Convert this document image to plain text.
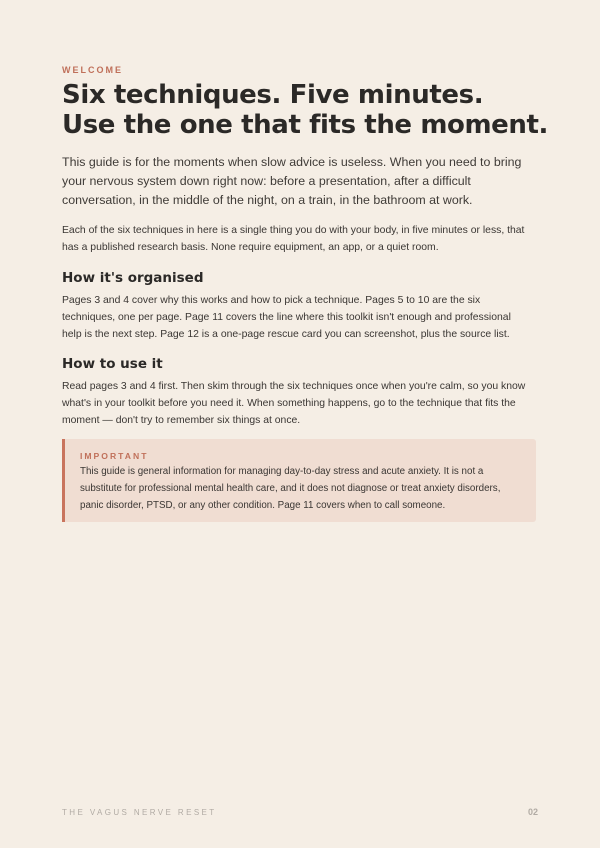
WELCOME
Six techniques. Five minutes.
Use the one that fits the moment.

This guide is for the moments when slow advice is useless. When you need to bring your nervous system down right now: before a presentation, after a difficult conversation, in the middle of the night, on a train, in the bathroom at work.

Each of the six techniques in here is a single thing you do with your body, in five minutes or less, that has a published research basis. None require equipment, an app, or a quiet room.

How it's organised

Pages 3 and 4 cover why this works and how to pick a technique. Pages 5 to 10 are the six techniques, one per page. Page 11 covers the line where this toolkit isn't enough and professional help is the next step. Page 12 is a one-page rescue card you can screenshot, plus the source list.

How to use it

Read pages 3 and 4 first. Then skim through the six techniques once when you're calm, so you know what's in your toolkit before you need it. When something happens, go to the technique that fits the moment — don't try to remember six things at once.

IMPORTANT

This guide is general information for managing day-to-day stress and acute anxiety. It is not a substitute for professional mental health care, and it does not diagnose or treat anxiety disorders, panic disorder, PTSD, or any other condition. Page 11 covers when to call someone.

THE VAGUS NERVE RESET	02
